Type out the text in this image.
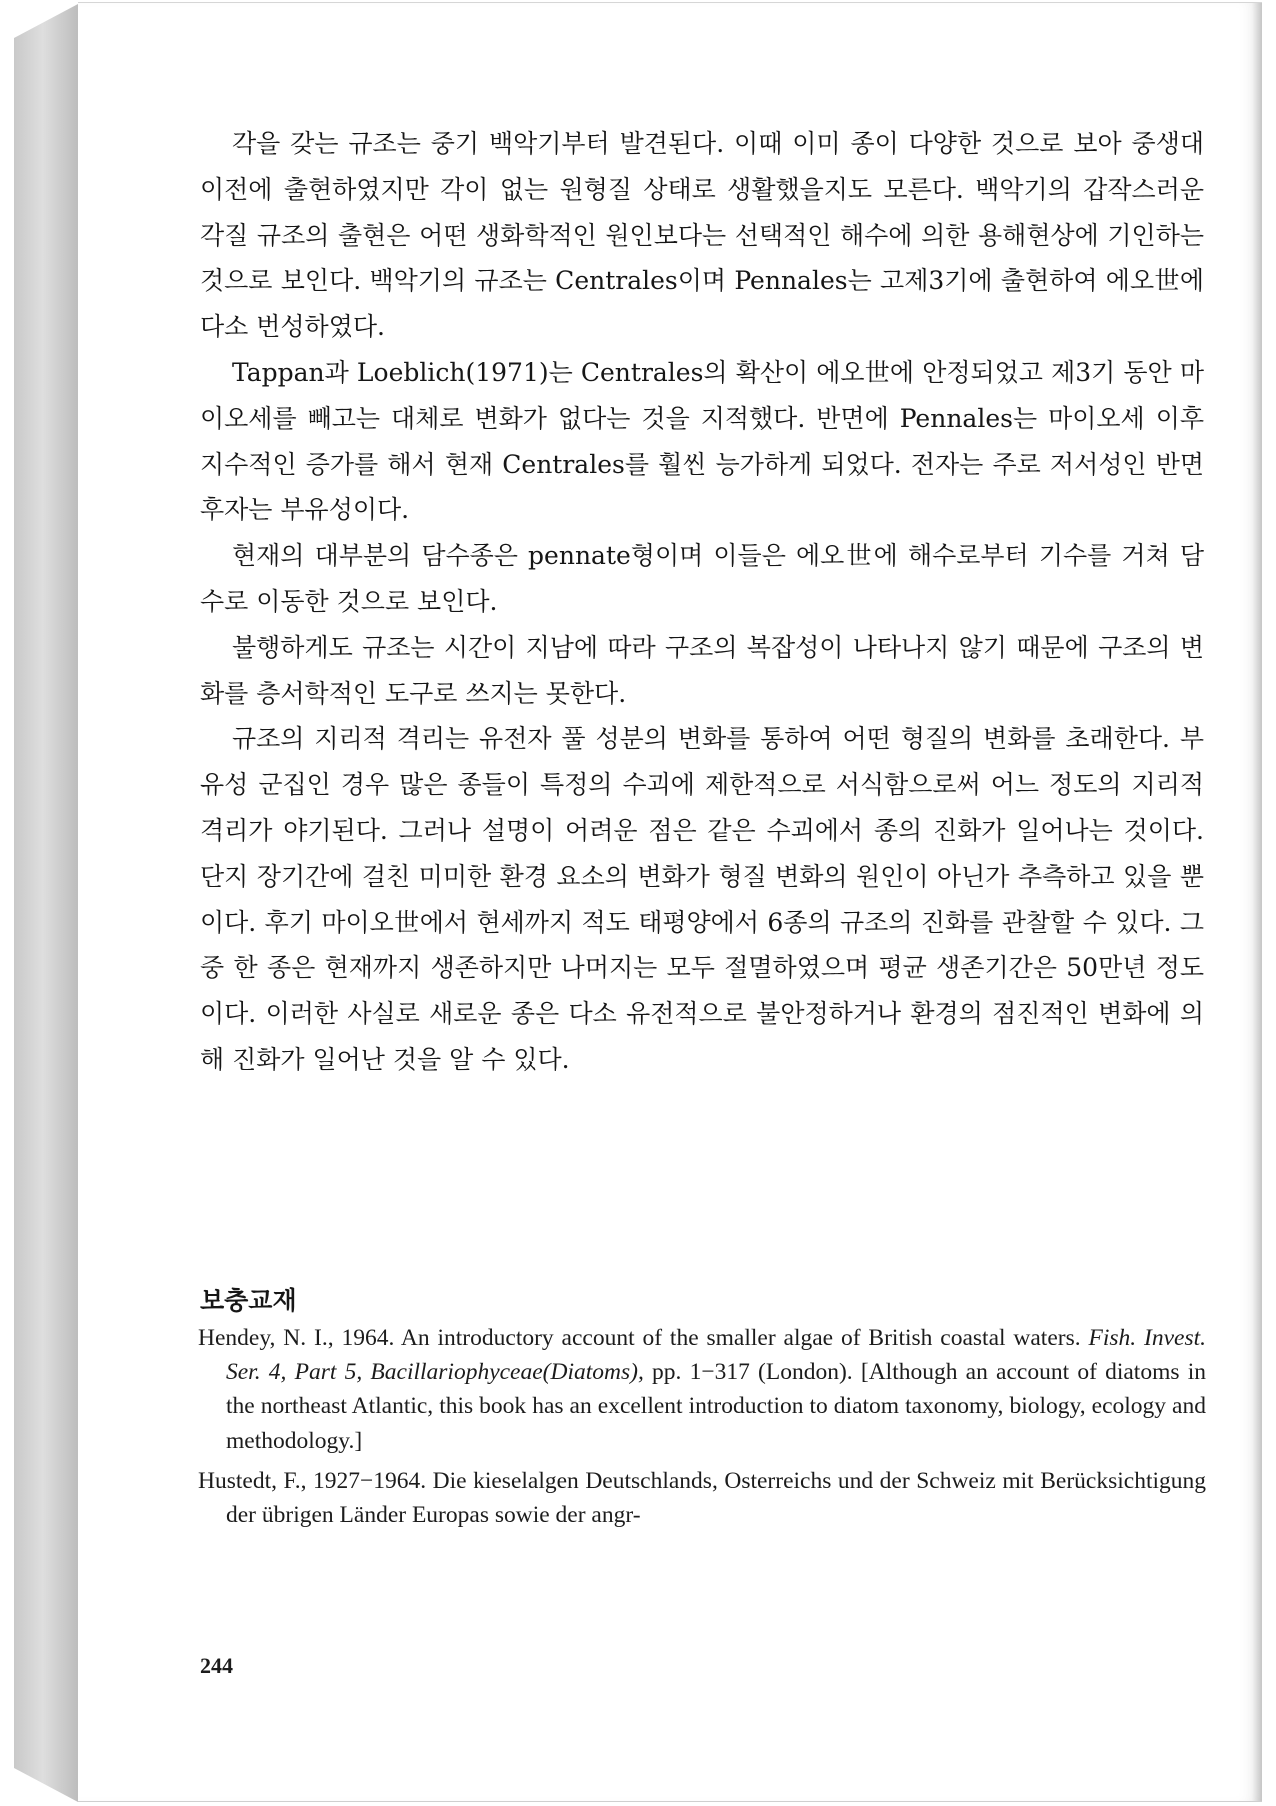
각을 갖는 규조는 중기 백악기부터 발견된다. 이때 이미 종이 다양한 것으로 보아 중생대 이전에 출현하였지만 각이 없는 원형질 상태로 생활했을지도 모른다. 백악기의 갑작스러운 각질 규조의 출현은 어떤 생화학적인 원인보다는 선택적인 해수에 의한 용해현상에 기인하는 것으로 보인다. 백악기의 규조는 Centrales이며 Pennales는 고제3기에 출현하여 에오世에 다소 번성하였다.

Tappan과 Loeblich(1971)는 Centrales의 확산이 에오世에 안정되었고 제3기 동안 마이오세를 빼고는 대체로 변화가 없다는 것을 지적했다. 반면에 Pennales는 마이오세 이후 지수적인 증가를 해서 현재 Centrales를 훨씬 능가하게 되었다. 전자는 주로 저서성인 반면 후자는 부유성이다.

현재의 대부분의 담수종은 pennate형이며 이들은 에오世에 해수로부터 기수를 거쳐 담수로 이동한 것으로 보인다.

불행하게도 규조는 시간이 지남에 따라 구조의 복잡성이 나타나지 않기 때문에 구조의 변화를 층서학적인 도구로 쓰지는 못한다.

규조의 지리적 격리는 유전자 풀 성분의 변화를 통하여 어떤 형질의 변화를 초래한다. 부유성 군집인 경우 많은 종들이 특정의 수괴에 제한적으로 서식함으로써 어느 정도의 지리적 격리가 야기된다. 그러나 설명이 어려운 점은 같은 수괴에서 종의 진화가 일어나는 것이다. 단지 장기간에 걸친 미미한 환경 요소의 변화가 형질 변화의 원인이 아닌가 추측하고 있을 뿐이다. 후기 마이오世에서 현세까지 적도 태평양에서 6종의 규조의 진화를 관찰할 수 있다. 그 중 한 종은 현재까지 생존하지만 나머지는 모두 절멸하였으며 평균 생존기간은 50만년 정도이다. 이러한 사실로 새로운 종은 다소 유전적으로 불안정하거나 환경의 점진적인 변화에 의해 진화가 일어난 것을 알 수 있다.

보충교재

Hendey, N. I., 1964. An introductory account of the smaller algae of British coastal waters. Fish. Invest. Ser. 4, Part 5, Bacillariophyceae(Diatoms), pp. 1−317 (London). [Although an account of diatoms in the northeast Atlantic, this book has an excellent introduction to diatom taxonomy, biology, ecology and methodology.]

Hustedt, F., 1927−1964. Die kieselalgen Deutschlands, Osterreichs und der Schweiz mit Berücksichtigung der übrigen Länder Europas sowie der angr-

244
